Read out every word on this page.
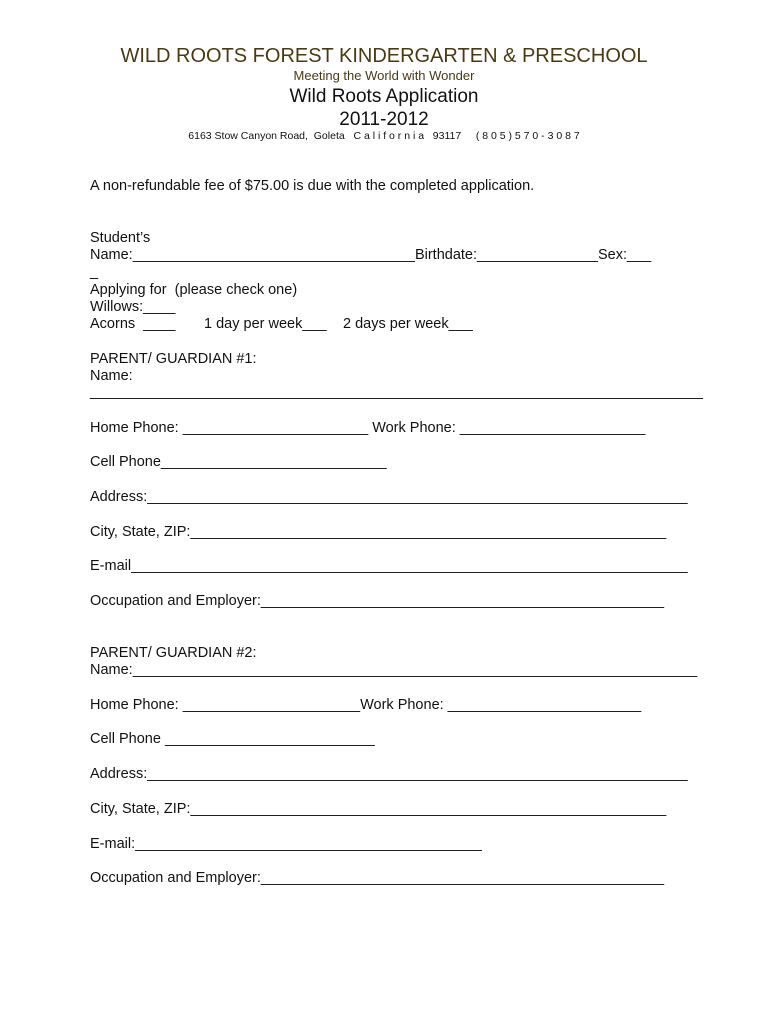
WILD ROOTS FOREST KINDERGARTEN & PRESCHOOL
Meeting the World with Wonder
Wild Roots Application
2011-2012
6163 Stow Canyon Road,  Goleta   C a l i f o r n i a   93117     ( 8 0 5 ) 5 7 0 - 3 0 8 7
A non-refundable fee of $75.00 is due with the completed application.
Student’s
Name:___________________________________Birthdate:_______________Sex:___
_
Applying for  (please check one)
Willows:____
Acorns  ____ 1 day per week___ 2 days per week___
PARENT/ GUARDIAN #1:
Name:
____________________________________________________________________________
Home Phone: _______________________ Work Phone: _______________________
Cell Phone____________________________
Address:___________________________________________________________________
City, State, ZIP:___________________________________________________________
E-mail_____________________________________________________________________
Occupation and Employer:__________________________________________________
PARENT/ GUARDIAN #2:
Name:______________________________________________________________________
Home Phone: ______________________Work Phone: ________________________
Cell Phone __________________________
Address:___________________________________________________________________
City, State, ZIP:___________________________________________________________
E-mail:___________________________________________
Occupation and Employer:__________________________________________________
